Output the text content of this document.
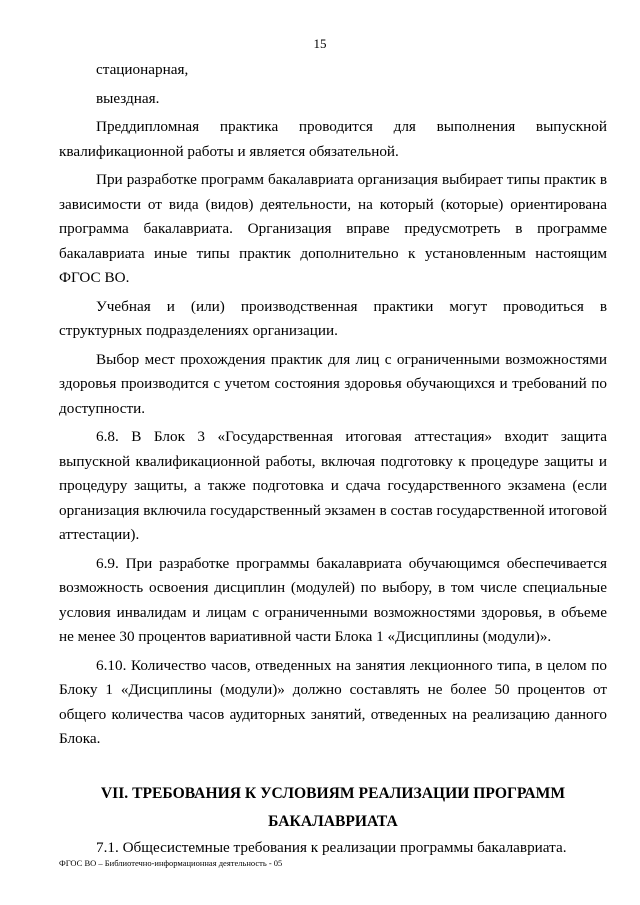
15

стационарная,

выездная.

Преддипломная практика проводится для выполнения выпускной квалификационной работы и является обязательной.

При разработке программ бакалавриата организация выбирает типы практик в зависимости от вида (видов) деятельности, на который (которые) ориентирована программа бакалавриата. Организация вправе предусмотреть в программе бакалавриата иные типы практик дополнительно к установленным настоящим ФГОС ВО.

Учебная и (или) производственная практики могут проводиться в структурных подразделениях организации.

Выбор мест прохождения практик для лиц с ограниченными возможностями здоровья производится с учетом состояния здоровья обучающихся и требований по доступности.

6.8. В Блок 3 «Государственная итоговая аттестация» входит защита выпускной квалификационной работы, включая подготовку к процедуре защиты и процедуру защиты, а также подготовка и сдача государственного экзамена (если организация включила государственный экзамен в состав государственной итоговой аттестации).

6.9. При разработке программы бакалавриата обучающимся обеспечивается возможность освоения дисциплин (модулей) по выбору, в том числе специальные условия инвалидам и лицам с ограниченными возможностями здоровья, в объеме не менее 30 процентов вариативной части Блока 1 «Дисциплины (модули)».

6.10. Количество часов, отведенных на занятия лекционного типа, в целом по Блоку 1 «Дисциплины (модули)» должно составлять не более 50 процентов от общего количества часов аудиторных занятий, отведенных на реализацию данного Блока.

VII. ТРЕБОВАНИЯ К УСЛОВИЯМ РЕАЛИЗАЦИИ ПРОГРАММ БАКАЛАВРИАТА

7.1. Общесистемные требования к реализации программы бакалавриата.

ФГОС ВО – Библиотечно-информационная деятельность - 05
